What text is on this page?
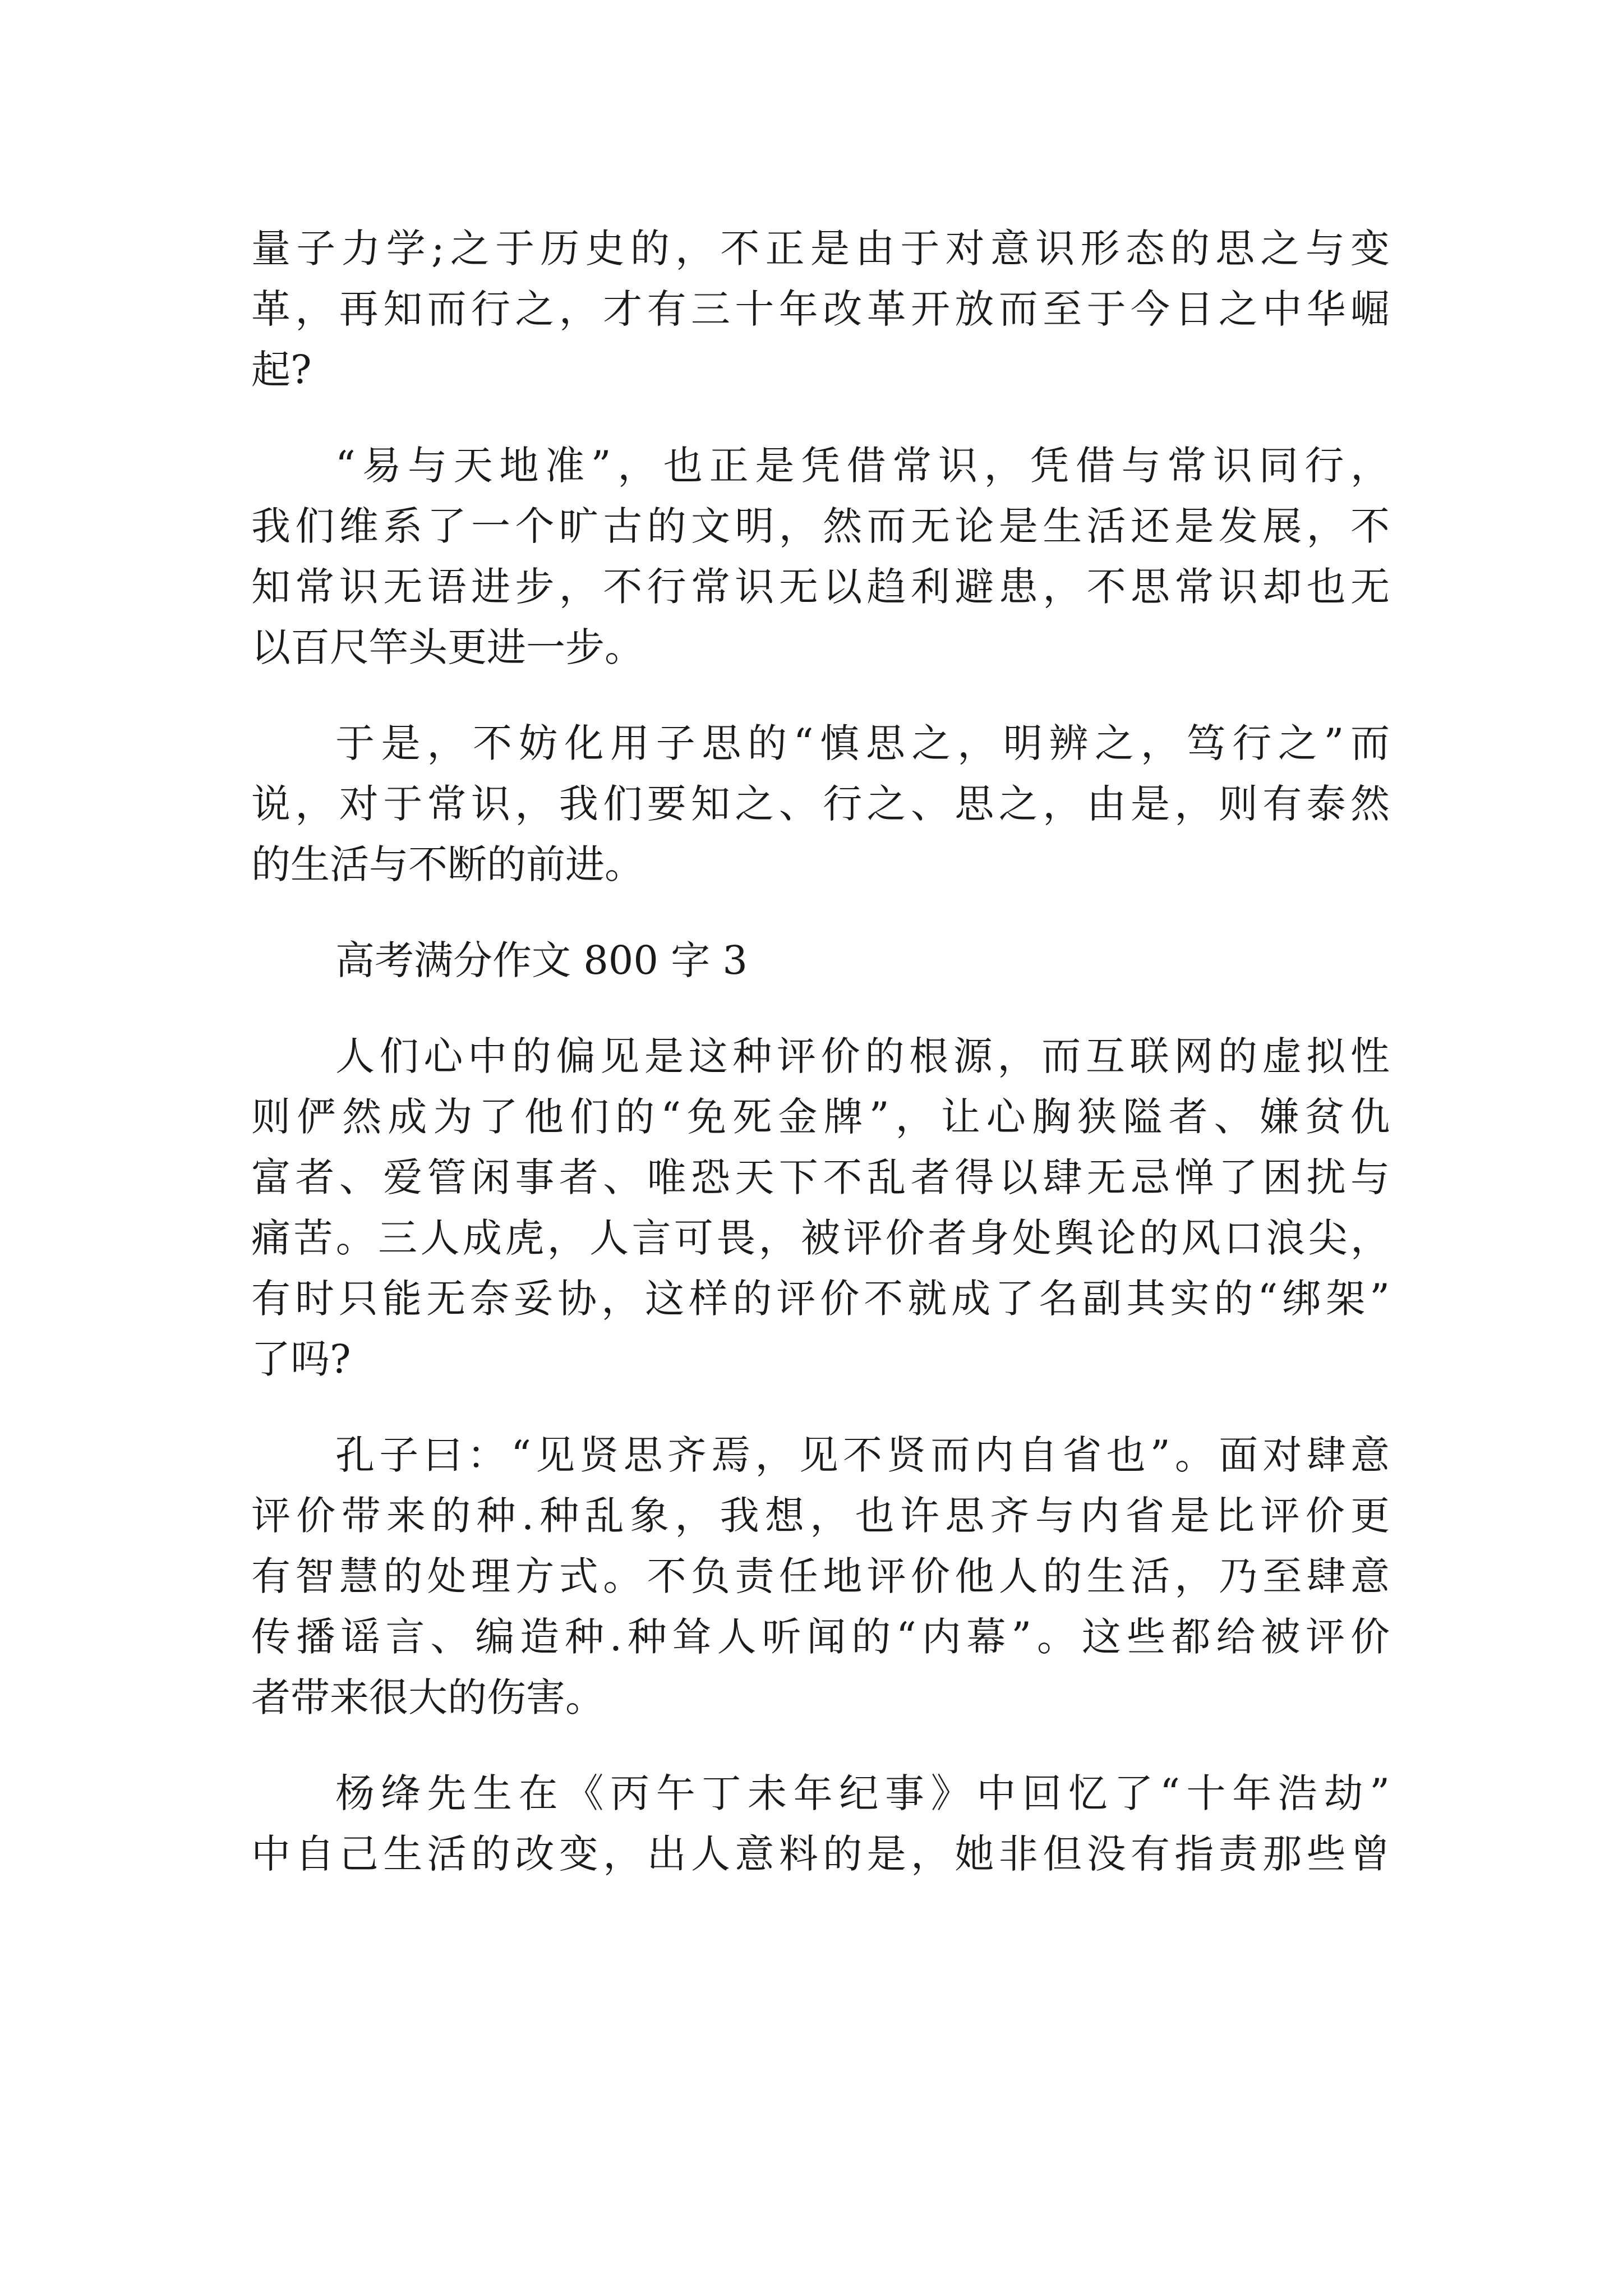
量子力学;之于历史的，不正是由于对意识形态的思之与变
革，再知而行之，才有三十年改革开放而至于今日之中华崛
起?
“易与天地准”，也正是凭借常识，凭借与常识同行，
我们维系了一个旷古的文明，然而无论是生活还是发展，不
知常识无语进步，不行常识无以趋利避患，不思常识却也无
以百尺竿头更进一步。
于是，不妨化用子思的“慎思之，明辨之，笃行之”而
说，对于常识，我们要知之、行之、思之，由是，则有泰然
的生活与不断的前进。
高考满分作文 800 字 3
人们心中的偏见是这种评价的根源，而互联网的虚拟性
则俨然成为了他们的“免死金牌”，让心胸狭隘者、嫌贫仇
富者、爱管闲事者、唯恐天下不乱者得以肆无忌惮了困扰与
痛苦。三人成虎，人言可畏，被评价者身处舆论的风口浪尖，
有时只能无奈妥协，这样的评价不就成了名副其实的“绑架”
了吗?
孔子曰：“见贤思齐焉，见不贤而内自省也”。面对肆意
评价带来的种.种乱象，我想，也许思齐与内省是比评价更
有智慧的处理方式。不负责任地评价他人的生活，乃至肆意
传播谣言、编造种.种耸人听闻的“内幕”。这些都给被评价
者带来很大的伤害。
杨绛先生在《丙午丁未年纪事》中回忆了“十年浩劫”
中自己生活的改变，出人意料的是，她非但没有指责那些曾
